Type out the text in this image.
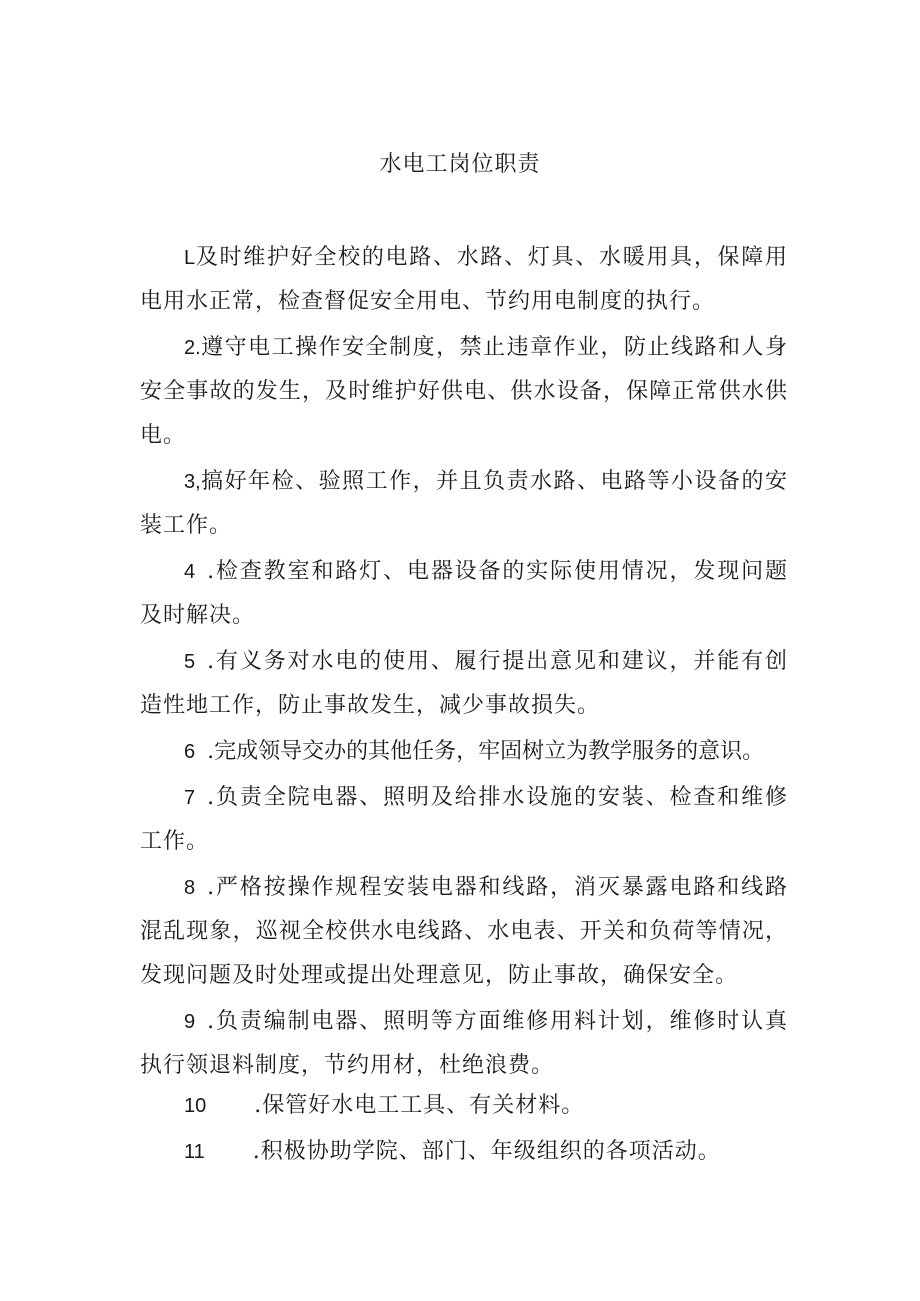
水电工岗位职责

L及时维护好全校的电路、水路、灯具、水暖用具，保障用电用水正常，检查督促安全用电、节约用电制度的执行。

2.遵守电工操作安全制度，禁止违章作业，防止线路和人身安全事故的发生，及时维护好供电、供水设备，保障正常供水供电。

3,搞好年检、验照工作，并且负责水路、电路等小设备的安装工作。

4 .检查教室和路灯、电器设备的实际使用情况，发现问题及时解决。

5 .有义务对水电的使用、履行提出意见和建议，并能有创造性地工作，防止事故发生，减少事故损失。

6 .完成领导交办的其他任务，牢固树立为教学服务的意识。

7 .负责全院电器、照明及给排水设施的安装、检查和维修工作。

8 .严格按操作规程安装电器和线路，消灭暴露电路和线路混乱现象，巡视全校供水电线路、水电表、开关和负荷等情况，发现问题及时处理或提出处理意见，防止事故，确保安全。

9 .负责编制电器、照明等方面维修用料计划，维修时认真执行领退料制度，节约用材，杜绝浪费。

10 .保管好水电工工具、有关材料。

11 .积极协助学院、部门、年级组织的各项活动。
